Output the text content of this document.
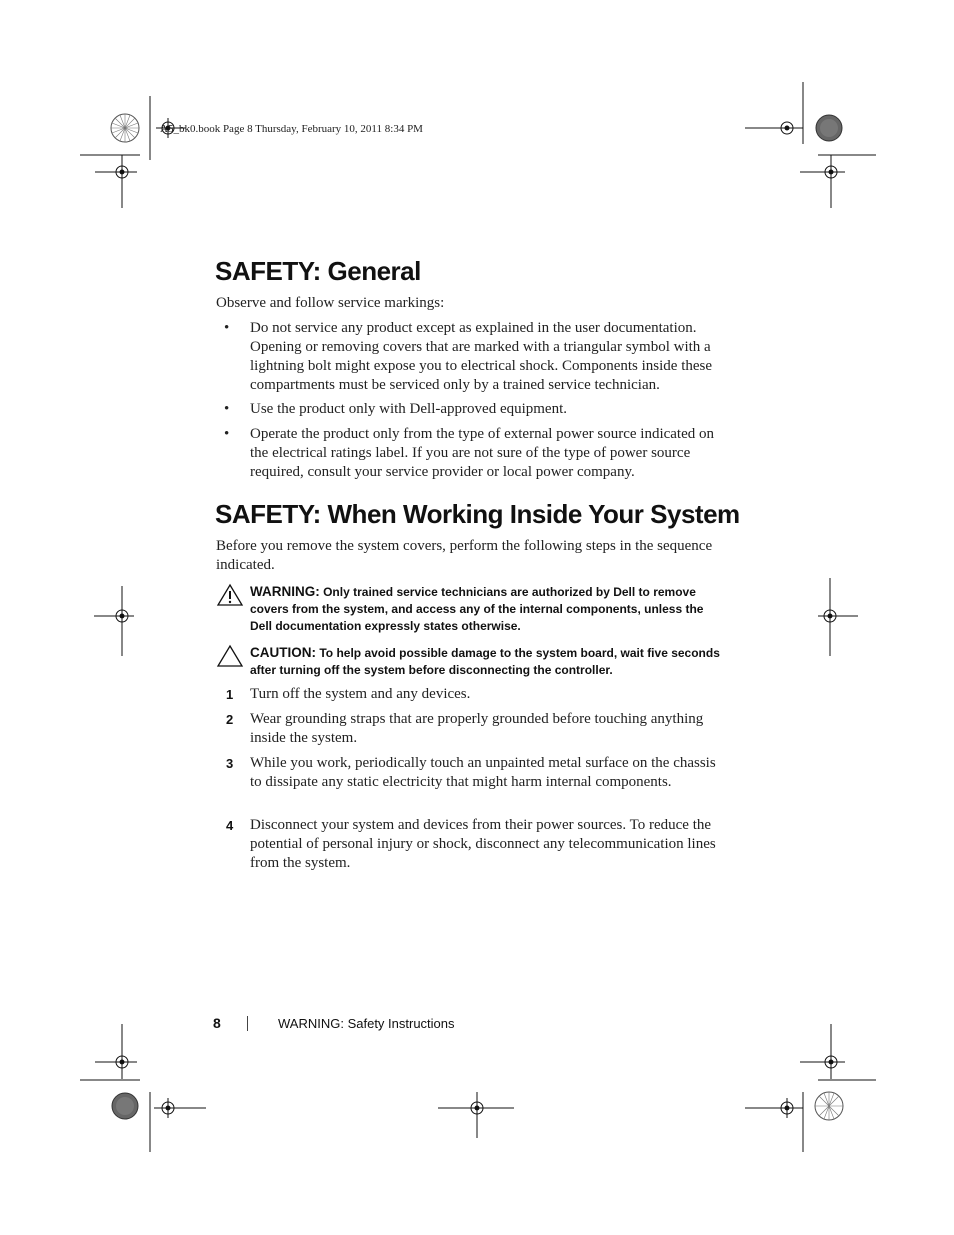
A5_bk0.book Page 8 Thursday, February 10, 2011 8:34 PM
SAFETY: General

Observe and follow service markings:

• Do not service any product except as explained in the user documentation. Opening or removing covers that are marked with a triangular symbol with a lightning bolt might expose you to electrical shock. Components inside these compartments must be serviced only by a trained service technician.
• Use the product only with Dell-approved equipment.
• Operate the product only from the type of external power source indicated on the electrical ratings label. If you are not sure of the type of power source required, consult your service provider or local power company.
SAFETY: When Working Inside Your System

Before you remove the system covers, perform the following steps in the sequence indicated.

WARNING: Only trained service technicians are authorized by Dell to remove covers from the system, and access any of the internal components, unless the Dell documentation expressly states otherwise.
CAUTION: To help avoid possible damage to the system board, wait five seconds after turning off the system before disconnecting the controller.
1 Turn off the system and any devices.
2 Wear grounding straps that are properly grounded before touching anything inside the system.
3 While you work, periodically touch an unpainted metal surface on the chassis to dissipate any static electricity that might harm internal components.
4 Disconnect your system and devices from their power sources. To reduce the potential of personal injury or shock, disconnect any telecommunication lines from the system.
8	WARNING: Safety Instructions
